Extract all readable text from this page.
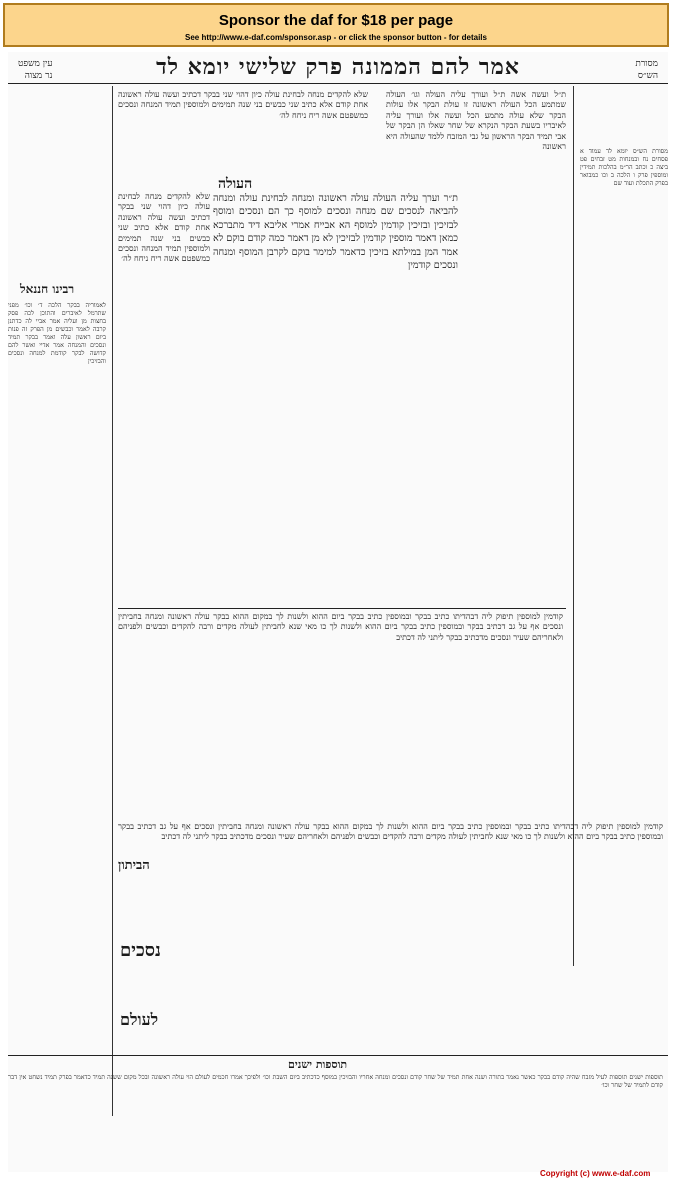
Sponsor the daf for $18 per page
See http://www.e-daf.com/sponsor.asp - or click the sponsor button - for details
מסורת
הש״ס
אמר להם הממונה פרק שלישי יומא לד
עין משפט
נר מצוה
מסורת הש״ס יומא לד עמוד א פסחים נח ובמנחות מט זבחים פט ביצה כ וכתב הר״מ בהלכות תמידין ומוספין פרק ו הלכה ב וכו כמבואר בפרק התכלת ועוד שם
רבינו חננאל
לאמוריה בבקר הלכה ד׳ וכו׳ מפני שתרמל לאיברים והתוכן לכה פסק בחצות מן ועליה אמר אביי לה כדתנן קרבה לאמר וכבשים מן הפרק זה פנות ביום ראשון עלה ואמר בבקר תמיד ונסכים והמנחה אמר אדיי ואשר להם קדושה לבקר קודמת למנחה ונסכים והבזיכין
ת״ל ועשה אשה ת״ל ועורך עליה העולה וגו׳ העולה שמתמע הכל העולה ראשונה זו עולת הבקר אלו עולות הבקר שלא עולה מתמע הכל ועשה אלו ועורך עליה לאיבריו בשעת הבקר הנקרא של שחר שאלו הן הבקר של אבי תמיד הבקר הראשון על גבי המזבח ללמד שהעולה היא ראשונה
שלא להקדים מנחה לבחינת עולה כיון דהוי שני בבקר דכתיב ועשה עולה ראשונה אחת קודם אלא כתיב שני כבשים בני שנה תמימים ולמוספין תמיד המנחה ונסכים כמשפטם אשה ריח ניחח לה׳
העולה
ת״ר וערך עליה העולה עולה ראשונה ומנחה לבחינת עולה ומנחה להביאה לנסכים שם מנחה ונסכים למוסף כך הם ונסכים ומוסף לבזיכין ובזיכין קודמין למוסף הא אבייח אמרי אליבא דיד מתברכא כמאן דאמר מוספין קודמין לבזיכין לא מן דאמר כמה קודם בוקם לא אמר המן במילתא בזיכין כדאמר למימר בוקם לקרבן המוסף ומנחה ונסכים קודמין
שלא להקדים מנחה לבחינת עולה כיון דהוי שני בבקר דכתיב ועשה עולה ראשונה אחת קודם אלא כתיב שני כבשים בני שנה תמימים ולמוספין תמיד המנחה ונסכים כמשפטם אשה ריח ניחח לה׳
קודמין למוספין תיפוק ליה דבהדיתו כתיב בבקר ובמוספין כתיב בבקר ביום ההוא ולשנות לך במקום ההוא בבקר עולה ראשונה ומנחה בחביתין ונסכים אף על גב דכתיב בבקר ובמוספין כתיב בבקר ביום ההוא ולשנות לך כו מאי שנא לחביתין לעולה מקדים ורבה להקדים וכבשים ולפניהם ולאחריהם שעיר ונסכים מדכתיב בבקר ליתני לה דכתיב
הביתון
נסכים
לעולם
קודמין למוספין תיפוק ליה דבהדיתו כתיב בבקר ובמוספין כתיב בבקר ביום ההוא ולשנות לך במקום ההוא בבקר עולה ראשונה ומנחה בחביתין ונסכים אף על גב דכתיב בבקר ובמוספין כתיב בבקר ביום ההוא ולשנות לך כו מאי שנא לחביתין לעולה מקדים ורבה להקדים וכבשים ולפניהם ולאחריהם שעיר ונסכים מדכתיב בבקר ליתני לה דכתיב
תוספות ישנים
תוספות ישנים תוספות לעיל מזבח שהיה קודם בבקר כאשר נאמר בתורה ושנה אחת תמיד של שחר קודם ונסכים ומנחה אחריו והבזיכין במוסף כדכתיב ביום השבת וכו׳ ולפיכך אמרו חכמים לעולם הוי עולה ראשונה ובכל מקום ששנה תמיד כדאמר בפרק תמיד נשחט אין דבר קודם לתמיד של שחר וכו׳
Copyright (c) www.e-daf.com
